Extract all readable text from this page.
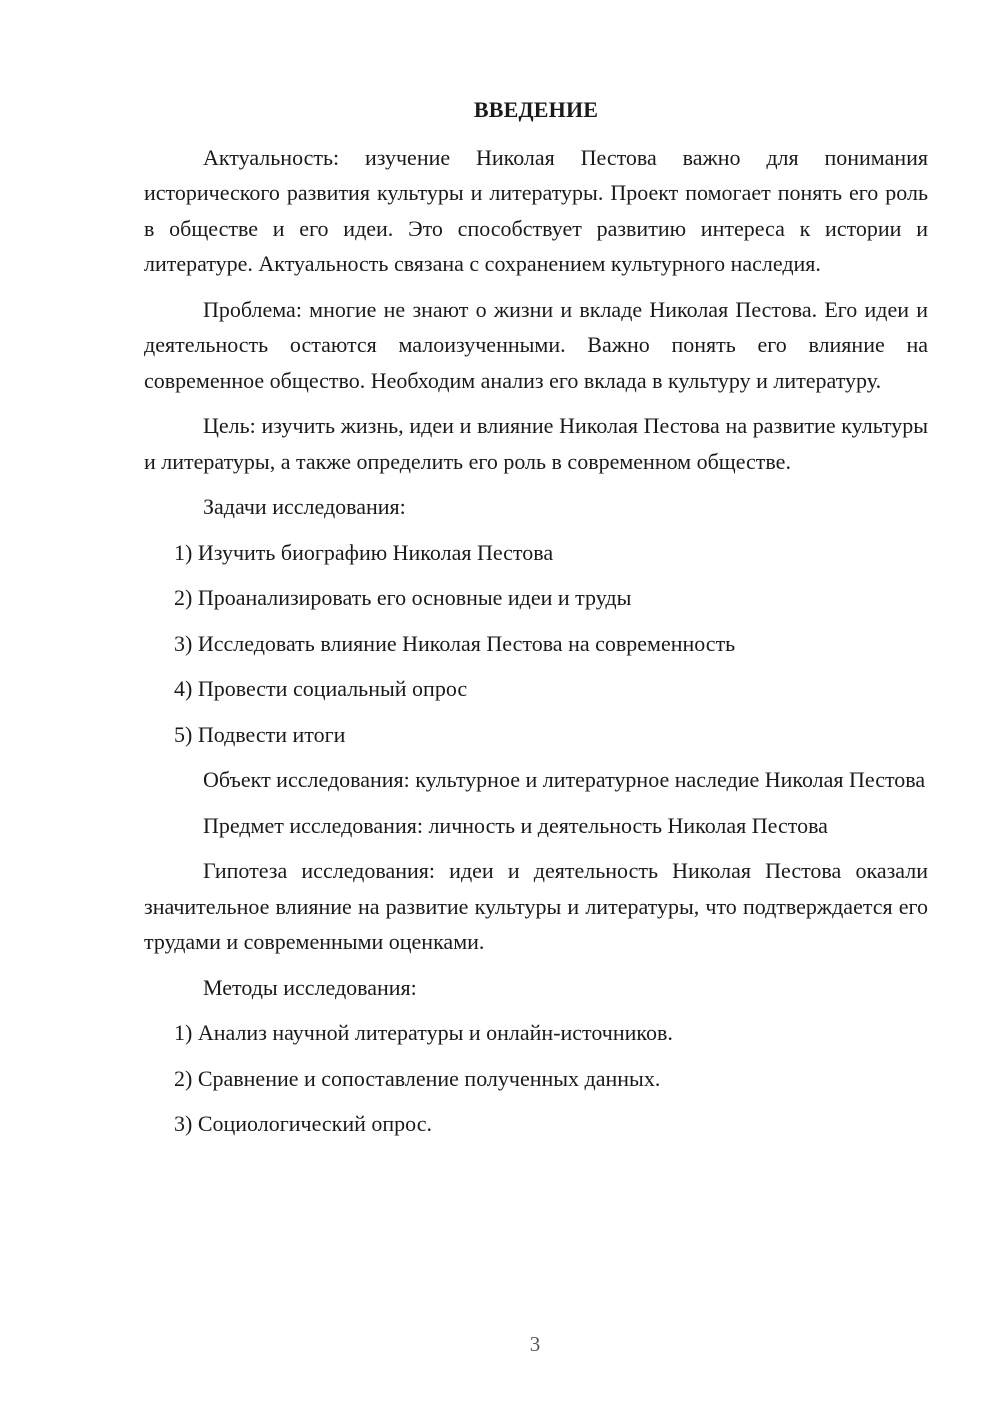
ВВЕДЕНИЕ

Актуальность: изучение Николая Пестова важно для понимания исторического развития культуры и литературы. Проект помогает понять его роль в обществе и его идеи. Это способствует развитию интереса к истории и литературе. Актуальность связана с сохранением культурного наследия.

Проблема: многие не знают о жизни и вкладе Николая Пестова. Его идеи и деятельность остаются малоизученными. Важно понять его влияние на современное общество. Необходим анализ его вклада в культуру и литературу.

Цель: изучить жизнь, идеи и влияние Николая Пестова на развитие культуры и литературы, а также определить его роль в современном обществе.

Задачи исследования:

1) Изучить биографию Николая Пестова

2) Проанализировать его основные идеи и труды

3) Исследовать влияние Николая Пестова на современность

4) Провести социальный опрос

5) Подвести итоги

Объект исследования: культурное и литературное наследие Николая Пестова

Предмет исследования: личность и деятельность Николая Пестова

Гипотеза исследования: идеи и деятельность Николая Пестова оказали значительное влияние на развитие культуры и литературы, что подтверждается его трудами и современными оценками.

Методы исследования:

1) Анализ научной литературы и онлайн-источников.

2) Сравнение и сопоставление полученных данных.

3) Социологический опрос.

3
